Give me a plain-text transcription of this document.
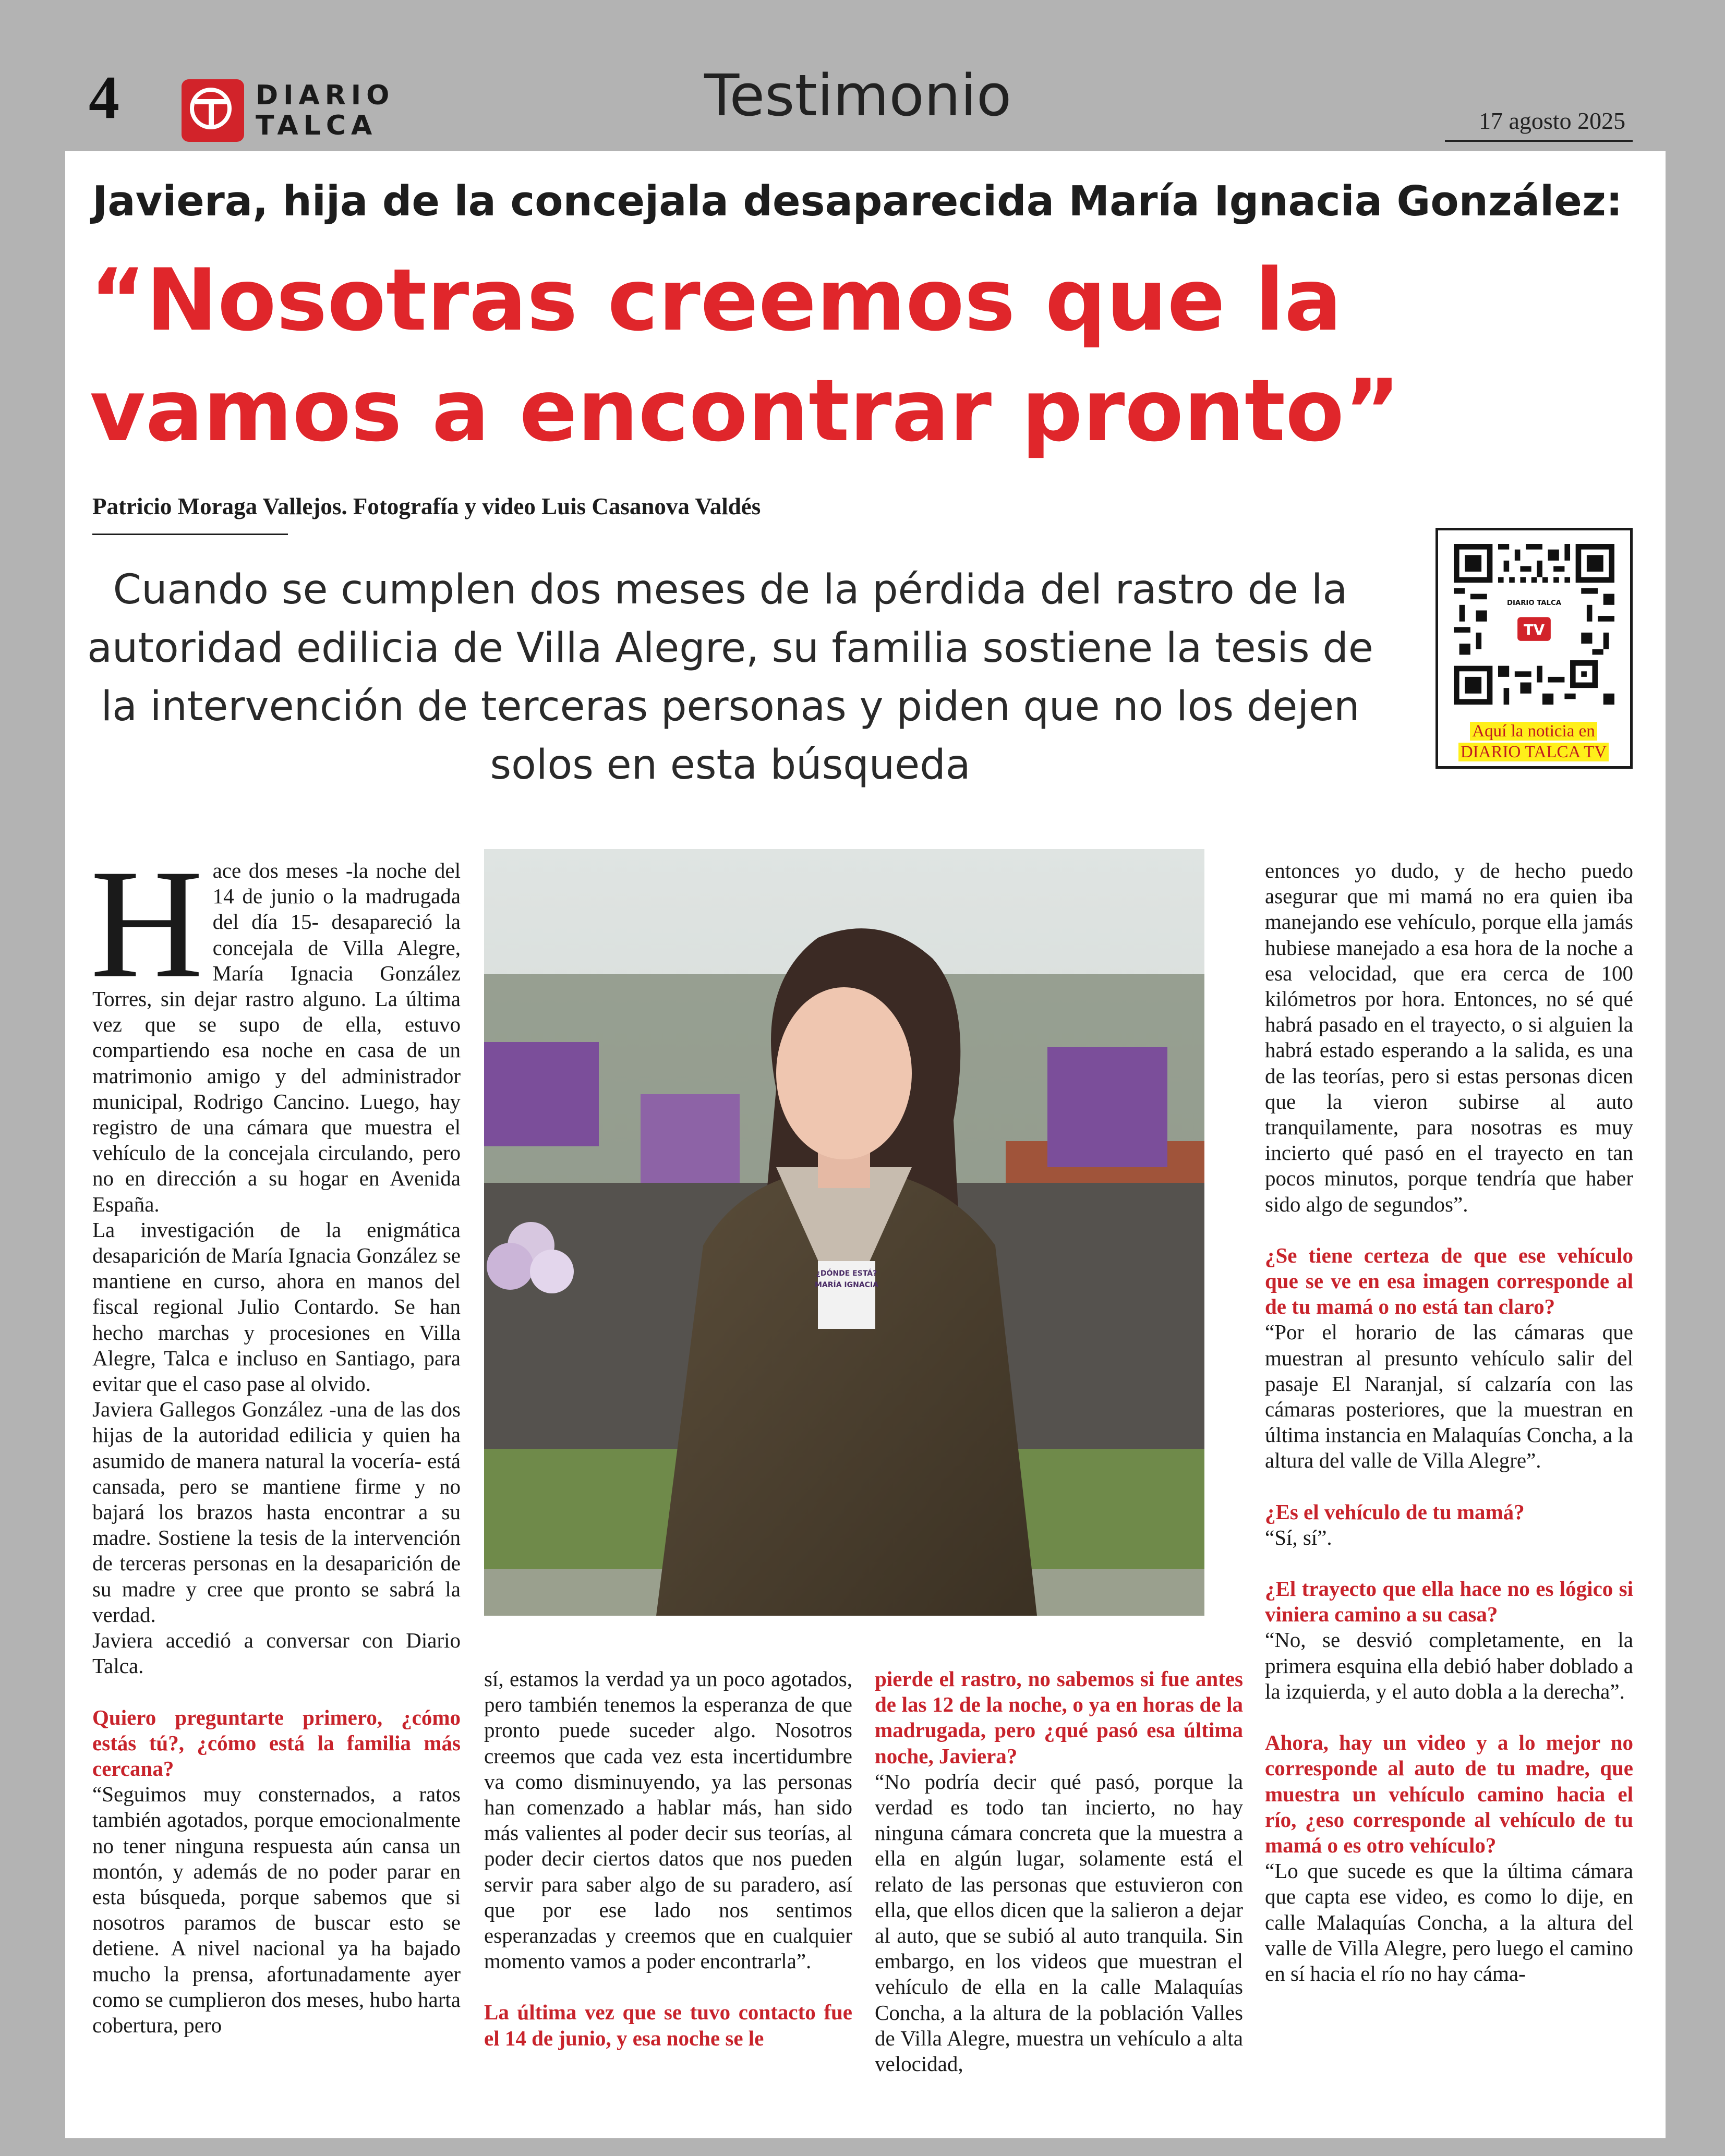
4	DIARIO
TALCA	Testimonio	17 agosto 2025
Javiera, hija de la concejala desaparecida María Ignacia González:
“Nosotras creemos que la vamos a encontrar pronto”
Patricio Moraga Vallejos. Fotografía y video Luis Casanova Valdés
Cuando se cumplen dos meses de la pérdida del rastro de la autoridad edilicia de Villa Alegre, su familia sostiene la tesis de la intervención de terceras personas y piden que no los dejen solos en esta búsqueda
DIARIO TALCA
TV
Aquí la noticia en
DIARIO TALCA TV
H ace dos meses -la noche del 14 de junio o la madrugada del día 15- desapareció la concejala de Villa Alegre, María Ignacia González Torres, sin dejar rastro alguno. La última vez que se supo de ella, estuvo compartiendo esa noche en casa de un matrimonio amigo y del administrador municipal, Rodrigo Cancino. Luego, hay registro de una cámara que muestra el vehículo de la concejala circulando, pero no en dirección a su hogar en Avenida España.

La investigación de la enigmática desaparición de María Ignacia González se mantiene en curso, ahora en manos del fiscal regional Julio Contardo. Se han hecho marchas y procesiones en Villa Alegre, Talca e incluso en Santiago, para evitar que el caso pase al olvido.

Javiera Gallegos González -una de las dos hijas de la autoridad edilicia y quien ha asumido de manera natural la vocería- está cansada, pero se mantiene firme y no bajará los brazos hasta encontrar a su madre. Sostiene la tesis de la intervención de terceras personas en la desaparición de su madre y cree que pronto se sabrá la verdad.

Javiera accedió a conversar con Diario Talca.

Quiero preguntarte primero, ¿cómo estás tú?, ¿cómo está la familia más cercana?

“Seguimos muy consternados, a ratos también agotados, porque emocionalmente no tener ninguna respuesta aún cansa un montón, y además de no poder parar en esta búsqueda, porque sabemos que si nosotros paramos de buscar esto se detiene. A nivel nacional ya ha bajado mucho la prensa, afortunadamente ayer como se cumplieron dos meses, hubo harta cobertura, pero

¿DÓNDE ESTÁ?
MARÍA IGNACIA

sí, estamos la verdad ya un poco agotados, pero también tenemos la esperanza de que pronto puede suceder algo. Nosotros creemos que cada vez esta incertidumbre va como disminuyendo, ya las personas han comenzado a hablar más, han sido más valientes al poder decir sus teorías, al poder decir ciertos datos que nos pueden servir para saber algo de su paradero, así que por ese lado nos sentimos esperanzadas y creemos que en cualquier momento vamos a poder encontrarla”.

La última vez que se tuvo contacto fue el 14 de junio, y esa noche se le

pierde el rastro, no sabemos si fue antes de las 12 de la noche, o ya en horas de la madrugada, pero ¿qué pasó esa última noche, Javiera?

“No podría decir qué pasó, porque la verdad es todo tan incierto, no hay ninguna cámara concreta que la muestra a ella en algún lugar, solamente está el relato de las personas que estuvieron con ella, que ellos dicen que la salieron a dejar al auto, que se subió al auto tranquila. Sin embargo, en los videos que muestran el vehículo de ella en la calle Malaquías Concha, a la altura de la población Valles de Villa Alegre, muestra un vehículo a alta velocidad,

entonces yo dudo, y de hecho puedo asegurar que mi mamá no era quien iba manejando ese vehículo, porque ella jamás hubiese manejado a esa hora de la noche a esa velocidad, que era cerca de 100 kilómetros por hora. Entonces, no sé qué habrá pasado en el trayecto, o si alguien la habrá estado esperando a la salida, es una de las teorías, pero si estas personas dicen que la vieron subirse al auto tranquilamente, para nosotras es muy incierto qué pasó en el trayecto en tan pocos minutos, porque tendría que haber sido algo de segundos”.

¿Se tiene certeza de que ese vehículo que se ve en esa imagen corresponde al de tu mamá o no está tan claro?

“Por el horario de las cámaras que muestran al presunto vehículo salir del pasaje El Naranjal, sí calzaría con las cámaras posteriores, que la muestran en última instancia en Malaquías Concha, a la altura del valle de Villa Alegre”.

¿Es el vehículo de tu mamá?

“Sí, sí”.

¿El trayecto que ella hace no es lógico si viniera camino a su casa?

“No, se desvió completamente, en la primera esquina ella debió haber doblado a la izquierda, y el auto dobla a la derecha”.

Ahora, hay un video y a lo mejor no corresponde al auto de tu madre, que muestra un vehículo camino hacia el río, ¿eso corresponde al vehículo de tu mamá o es otro vehículo?

“Lo que sucede es que la última cámara que capta ese video, es como lo dije, en calle Malaquías Concha, a la altura del valle de Villa Alegre, pero luego el camino en sí hacia el río no hay cáma-
